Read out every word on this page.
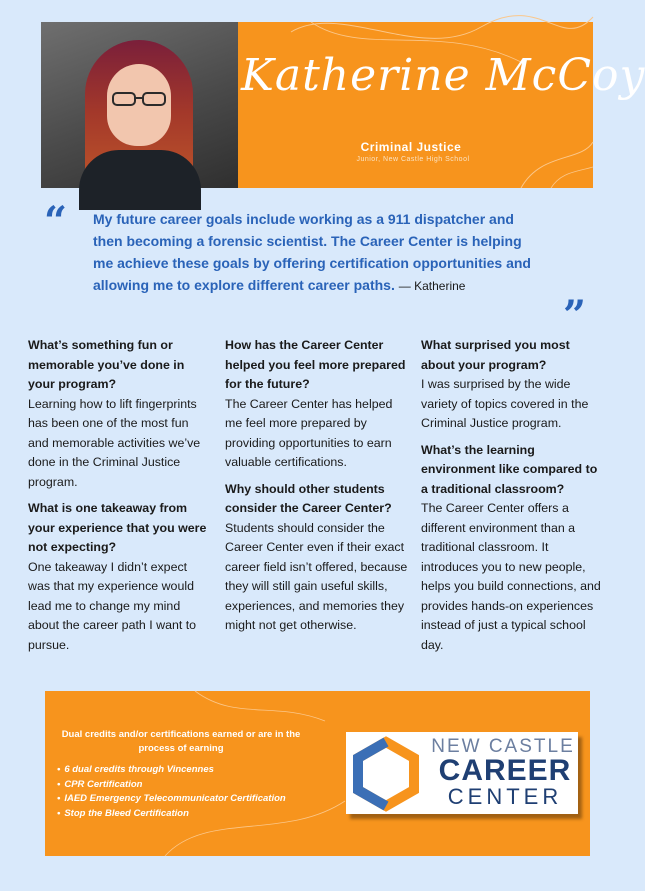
Katherine McCoy
Criminal Justice
Junior, New Castle High School
“ My future career goals include working as a 911 dispatcher and then becoming a forensic scientist. The Career Center is helping me achieve these goals by offering certification opportunities and allowing me to explore different career paths. — Katherine
”
What’s something fun or memorable you’ve done in your program?
Learning how to lift fingerprints has been one of the most fun and memorable activities we’ve done in the Criminal Justice program.
What is one takeaway from your experience that you were not expecting?
One takeaway I didn’t expect was that my experience would lead me to change my mind about the career path I want to pursue.
How has the Career Center helped you feel more prepared for the future?
The Career Center has helped me feel more prepared by providing opportunities to earn valuable certifications.
Why should other students consider the Career Center?
Students should consider the Career Center even if their exact career field isn’t offered, because they will still gain useful skills, experiences, and memories they might not get otherwise.
What surprised you most about your program?
I was surprised by the wide variety of topics covered in the Criminal Justice program.
What’s the learning environment like compared to a traditional classroom?
The Career Center offers a different environment than a traditional classroom. It introduces you to new people, helps you build connections, and provides hands-on experiences instead of just a typical school day.
Dual credits and/or certifications earned or are in the process of earning
• 6 dual credits through Vincennes
• CPR Certification
• IAED Emergency Telecommunicator Certification
• Stop the Bleed Certification
NEW CASTLE
CAREER
CENTER
